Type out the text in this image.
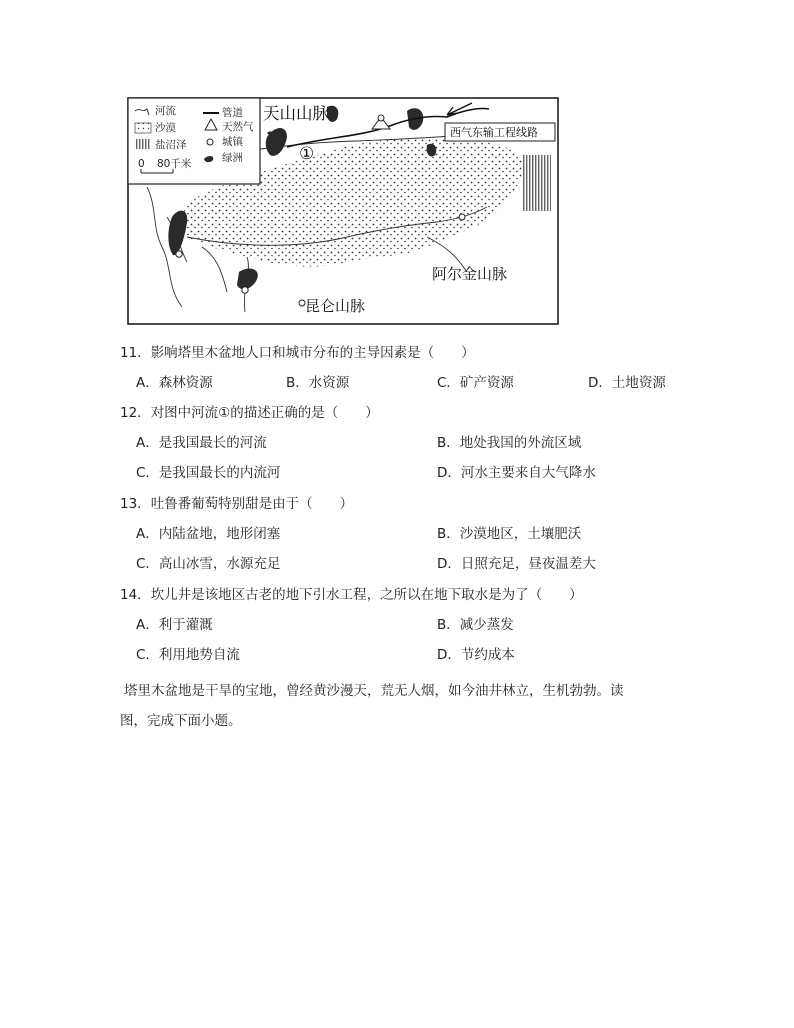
河流
沙漠
盐沼泽
管道
天然气
城镇
绿洲
0 80千米
天山山脉
阿尔金山脉
昆仑山脉
①
西气东输工程线路
11．影响塔里木盆地人口和城市分布的主导因素是（　　）
A．森林资源	B．水资源	C．矿产资源	D．土地资源
12．对图中河流①的描述正确的是（　　）
A．是我国最长的河流	B．地处我国的外流区域
C．是我国最长的内流河	D．河水主要来自大气降水
13．吐鲁番葡萄特别甜是由于（　　）
A．内陆盆地，地形闭塞	B．沙漠地区，土壤肥沃
C．高山冰雪，水源充足	D．日照充足，昼夜温差大
14．坎儿井是该地区古老的地下引水工程，之所以在地下取水是为了（　　）
A．利于灌溉	B．减少蒸发
C．利用地势自流	D．节约成本
塔里木盆地是干旱的宝地，曾经黄沙漫天，荒无人烟，如今油井林立，生机勃勃。读
图，完成下面小题。
